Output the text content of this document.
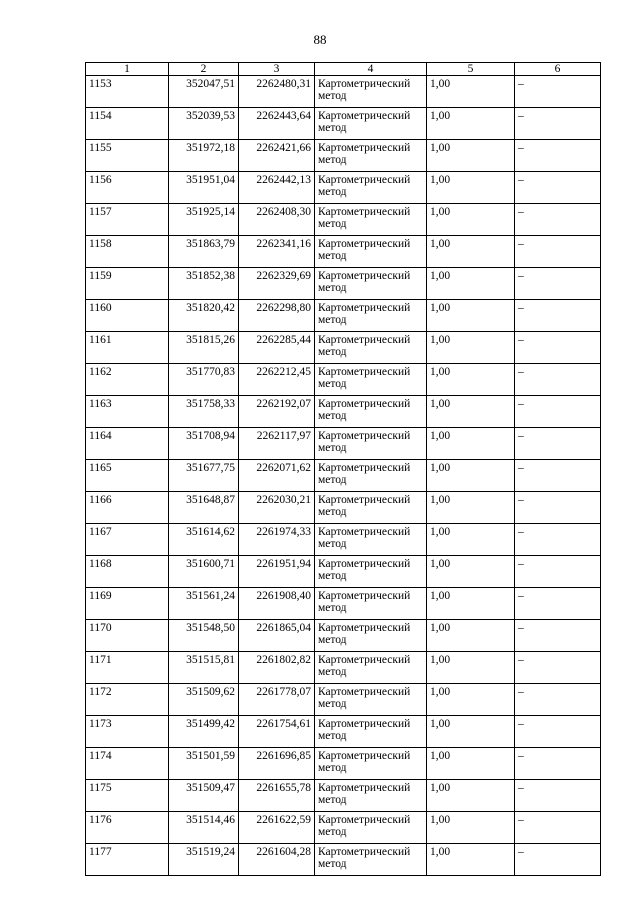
88
1	2	3	4	5	6
1153	352047,51	2262480,31	Картометрический метод	1,00	–
1154	352039,53	2262443,64	Картометрический метод	1,00	–
1155	351972,18	2262421,66	Картометрический метод	1,00	–
1156	351951,04	2262442,13	Картометрический метод	1,00	–
1157	351925,14	2262408,30	Картометрический метод	1,00	–
1158	351863,79	2262341,16	Картометрический метод	1,00	–
1159	351852,38	2262329,69	Картометрический метод	1,00	–
1160	351820,42	2262298,80	Картометрический метод	1,00	–
1161	351815,26	2262285,44	Картометрический метод	1,00	–
1162	351770,83	2262212,45	Картометрический метод	1,00	–
1163	351758,33	2262192,07	Картометрический метод	1,00	–
1164	351708,94	2262117,97	Картометрический метод	1,00	–
1165	351677,75	2262071,62	Картометрический метод	1,00	–
1166	351648,87	2262030,21	Картометрический метод	1,00	–
1167	351614,62	2261974,33	Картометрический метод	1,00	–
1168	351600,71	2261951,94	Картометрический метод	1,00	–
1169	351561,24	2261908,40	Картометрический метод	1,00	–
1170	351548,50	2261865,04	Картометрический метод	1,00	–
1171	351515,81	2261802,82	Картометрический метод	1,00	–
1172	351509,62	2261778,07	Картометрический метод	1,00	–
1173	351499,42	2261754,61	Картометрический метод	1,00	–
1174	351501,59	2261696,85	Картометрический метод	1,00	–
1175	351509,47	2261655,78	Картометрический метод	1,00	–
1176	351514,46	2261622,59	Картометрический метод	1,00	–
1177	351519,24	2261604,28	Картометрический метод	1,00	–
